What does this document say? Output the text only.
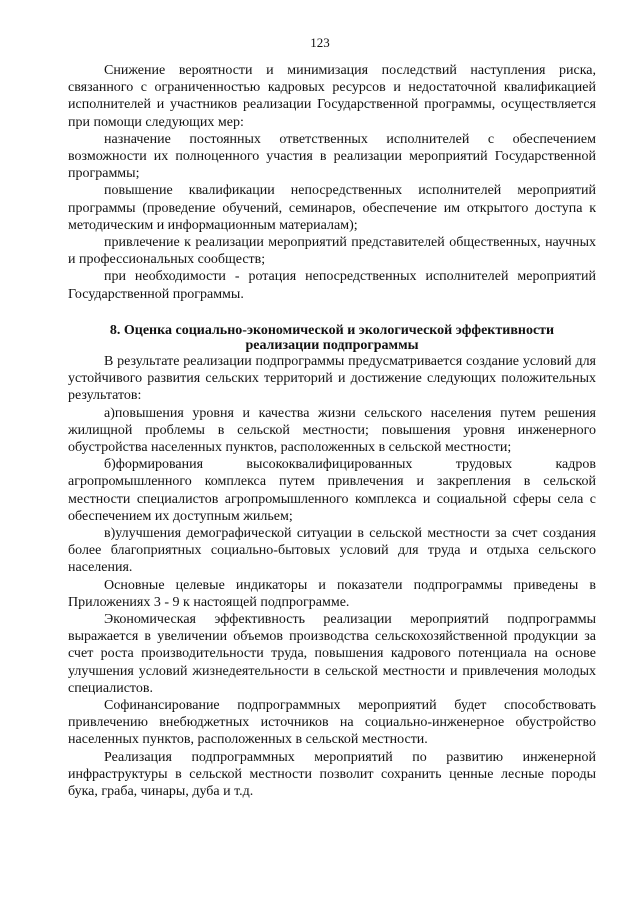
123

Снижение вероятности и минимизация последствий наступления риска, связанного с ограниченностью кадровых ресурсов и недостаточной квалификацией исполнителей и участников реализации Государственной программы, осуществляется при помощи следующих мер:

назначение постоянных ответственных исполнителей с обеспечением возможности их полноценного участия в реализации мероприятий Государственной программы;

повышение квалификации непосредственных исполнителей мероприятий программы (проведение обучений, семинаров, обеспечение им открытого доступа к методическим и информационным материалам);

привлечение к реализации мероприятий представителей общественных, научных и профессиональных сообществ;

при необходимости - ротация непосредственных исполнителей мероприятий Государственной программы.

8. Оценка социально-экономической и экологической эффективности

реализации подпрограммы

В результате реализации подпрограммы предусматривается создание условий для устойчивого развития сельских территорий и достижение следующих положительных результатов:

а)повышения уровня и качества жизни сельского населения путем решения жилищной проблемы в сельской местности; повышения уровня инженерного обустройства населенных пунктов, расположенных в сельской местности;

б)формирования высококвалифицированных трудовых кадров агропромышленного комплекса путем привлечения и закрепления в сельской местности специалистов агропромышленного комплекса и социальной сферы села с обеспечением их доступным жильем;

в)улучшения демографической ситуации в сельской местности за счет создания более благоприятных социально-бытовых условий для труда и отдыха сельского населения.

Основные целевые индикаторы и показатели подпрограммы приведены в Приложениях 3 - 9 к настоящей подпрограмме.

Экономическая эффективность реализации мероприятий подпрограммы выражается в увеличении объемов производства сельскохозяйственной продукции за счет роста производительности труда, повышения кадрового потенциала на основе улучшения условий жизнедеятельности в сельской местности и привлечения молодых специалистов.

Софинансирование подпрограммных мероприятий будет способствовать привлечению внебюджетных источников на социально-инженерное обустройство населенных пунктов, расположенных в сельской местности.

Реализация подпрограммных мероприятий по развитию инженерной инфраструктуры в сельской местности позволит сохранить ценные лесные породы бука, граба, чинары, дуба и т.д.
